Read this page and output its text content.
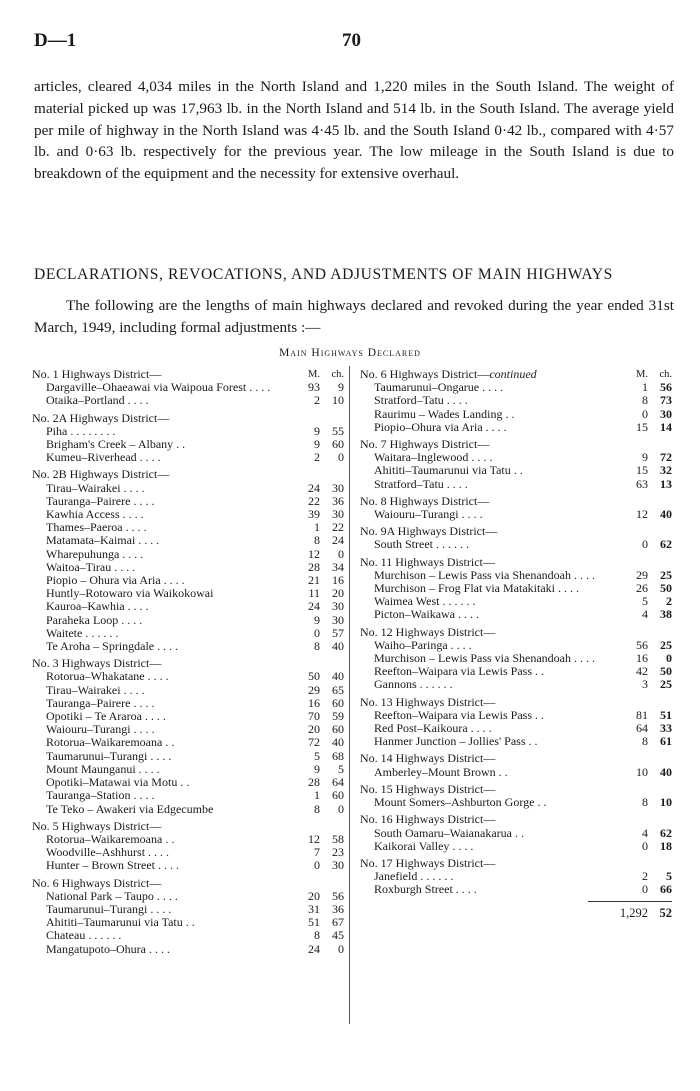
D—1	70

articles, cleared 4,034 miles in the North Island and 1,220 miles in the South Island. The weight of material picked up was 17,963 lb. in the North Island and 514 lb. in the South Island. The average yield per mile of highway in the North Island was 4·45 lb. and the South Island 0·42 lb., compared with 4·57 lb. and 0·63 lb. respectively for the previous year. The low mileage in the South Island is due to breakdown of the equipment and the necessity for extensive overhaul.

DECLARATIONS, REVOCATIONS, AND ADJUSTMENTS OF MAIN HIGHWAYS

The following are the lengths of main highways declared and revoked during the year ended 31st March, 1949, including formal adjustments :—

Main Highways Declared
No. 1 Highways District—	M.	ch.
Dargaville–Ohaeawai via Waipoua Forest . . . .	93	9
Otaika–Portland . . . .	2	10
No. 2A Highways District—
Piha . . . . . . . .	9	55
Brigham's Creek – Albany . .	9	60
Kumeu–Riverhead . . . .	2	0
No. 2B Highways District—
Tirau–Wairakei . . . .	24	30
Tauranga–Pairere . . . .	22	36
Kawhia Access . . . .	39	30
Thames–Paeroa . . . .	1	22
Matamata–Kaimai . . . .	8	24
Wharepuhunga . . . .	12	0
Waitoa–Tirau . . . .	28	34
Piopio – Ohura via Aria . . . .	21	16
Huntly–Rotowaro via Waikokowai	11	20
Kauroa–Kawhia . . . .	24	30
Paraheka Loop . . . .	9	30
Waitete . . . . . .	0	57
Te Aroha – Springdale . . . .	8	40
No. 3 Highways District—
Rotorua–Whakatane . . . .	50	40
Tirau–Wairakei . . . .	29	65
Tauranga–Pairere . . . .	16	60
Opotiki – Te Araroa . . . .	70	59
Waiouru–Turangi . . . .	20	60
Rotorua–Waikaremoana . .	72	40
Taumarunui–Turangi . . . .	5	68
Mount Maunganui . . . .	9	5
Opotiki–Matawai via Motu . .	28	64
Tauranga–Station . . . .	1	60
Te Teko – Awakeri via Edgecumbe	8	0
No. 5 Highways District—
Rotorua–Waikaremoana . .	12	58
Woodville–Ashhurst . . . .	7	23
Hunter – Brown Street . . . .	0	30
No. 6 Highways District—
National Park – Taupo . . . .	20	56
Taumarunui–Turangi . . . .	31	36
Ahititi–Taumarunui via Tatu . .	51	67
Chateau . . . . . .	8	45
Mangatupoto–Ohura . . . .	24	0
No. 6 Highways District—continued	M.	ch.
Taumarunui–Ongarue . . . .	1	56
Stratford–Tatu . . . .	8	73
Raurimu – Wades Landing . .	0	30
Piopio–Ohura via Aria . . . .	15	14
No. 7 Highways District—
Waitara–Inglewood . . . .	9	72
Ahititi–Taumarunui via Tatu . .	15	32
Stratford–Tatu . . . .	63	13
No. 8 Highways District—
Waiouru–Turangi . . . .	12	40
No. 9A Highways District—
South Street . . . . . .	0	62
No. 11 Highways District—
Murchison – Lewis Pass via Shenandoah . . . .	29	25
Murchison – Frog Flat via Matakitaki . . . .	26	50
Waimea West . . . . . .	5	2
Picton–Waikawa . . . .	4	38
No. 12 Highways District—
Waiho–Paringa . . . .	56	25
Murchison – Lewis Pass via Shenandoah . . . .	16	0
Reefton–Waipara via Lewis Pass . .	42	50
Gannons . . . . . .	3	25
No. 13 Highways District—
Reefton–Waipara via Lewis Pass . .	81	51
Red Post–Kaikoura . . . .	64	33
Hanmer Junction – Jollies' Pass . .	8	61
No. 14 Highways District—
Amberley–Mount Brown . .	10	40
No. 15 Highways District—
Mount Somers–Ashburton Gorge . .	8	10
No. 16 Highways District—
South Oamaru–Waianakarua . .	4	62
Kaikorai Valley . . . .	0	18
No. 17 Highways District—
Janefield . . . . . .	2	5
Roxburgh Street . . . .	0	66
1,292 52
